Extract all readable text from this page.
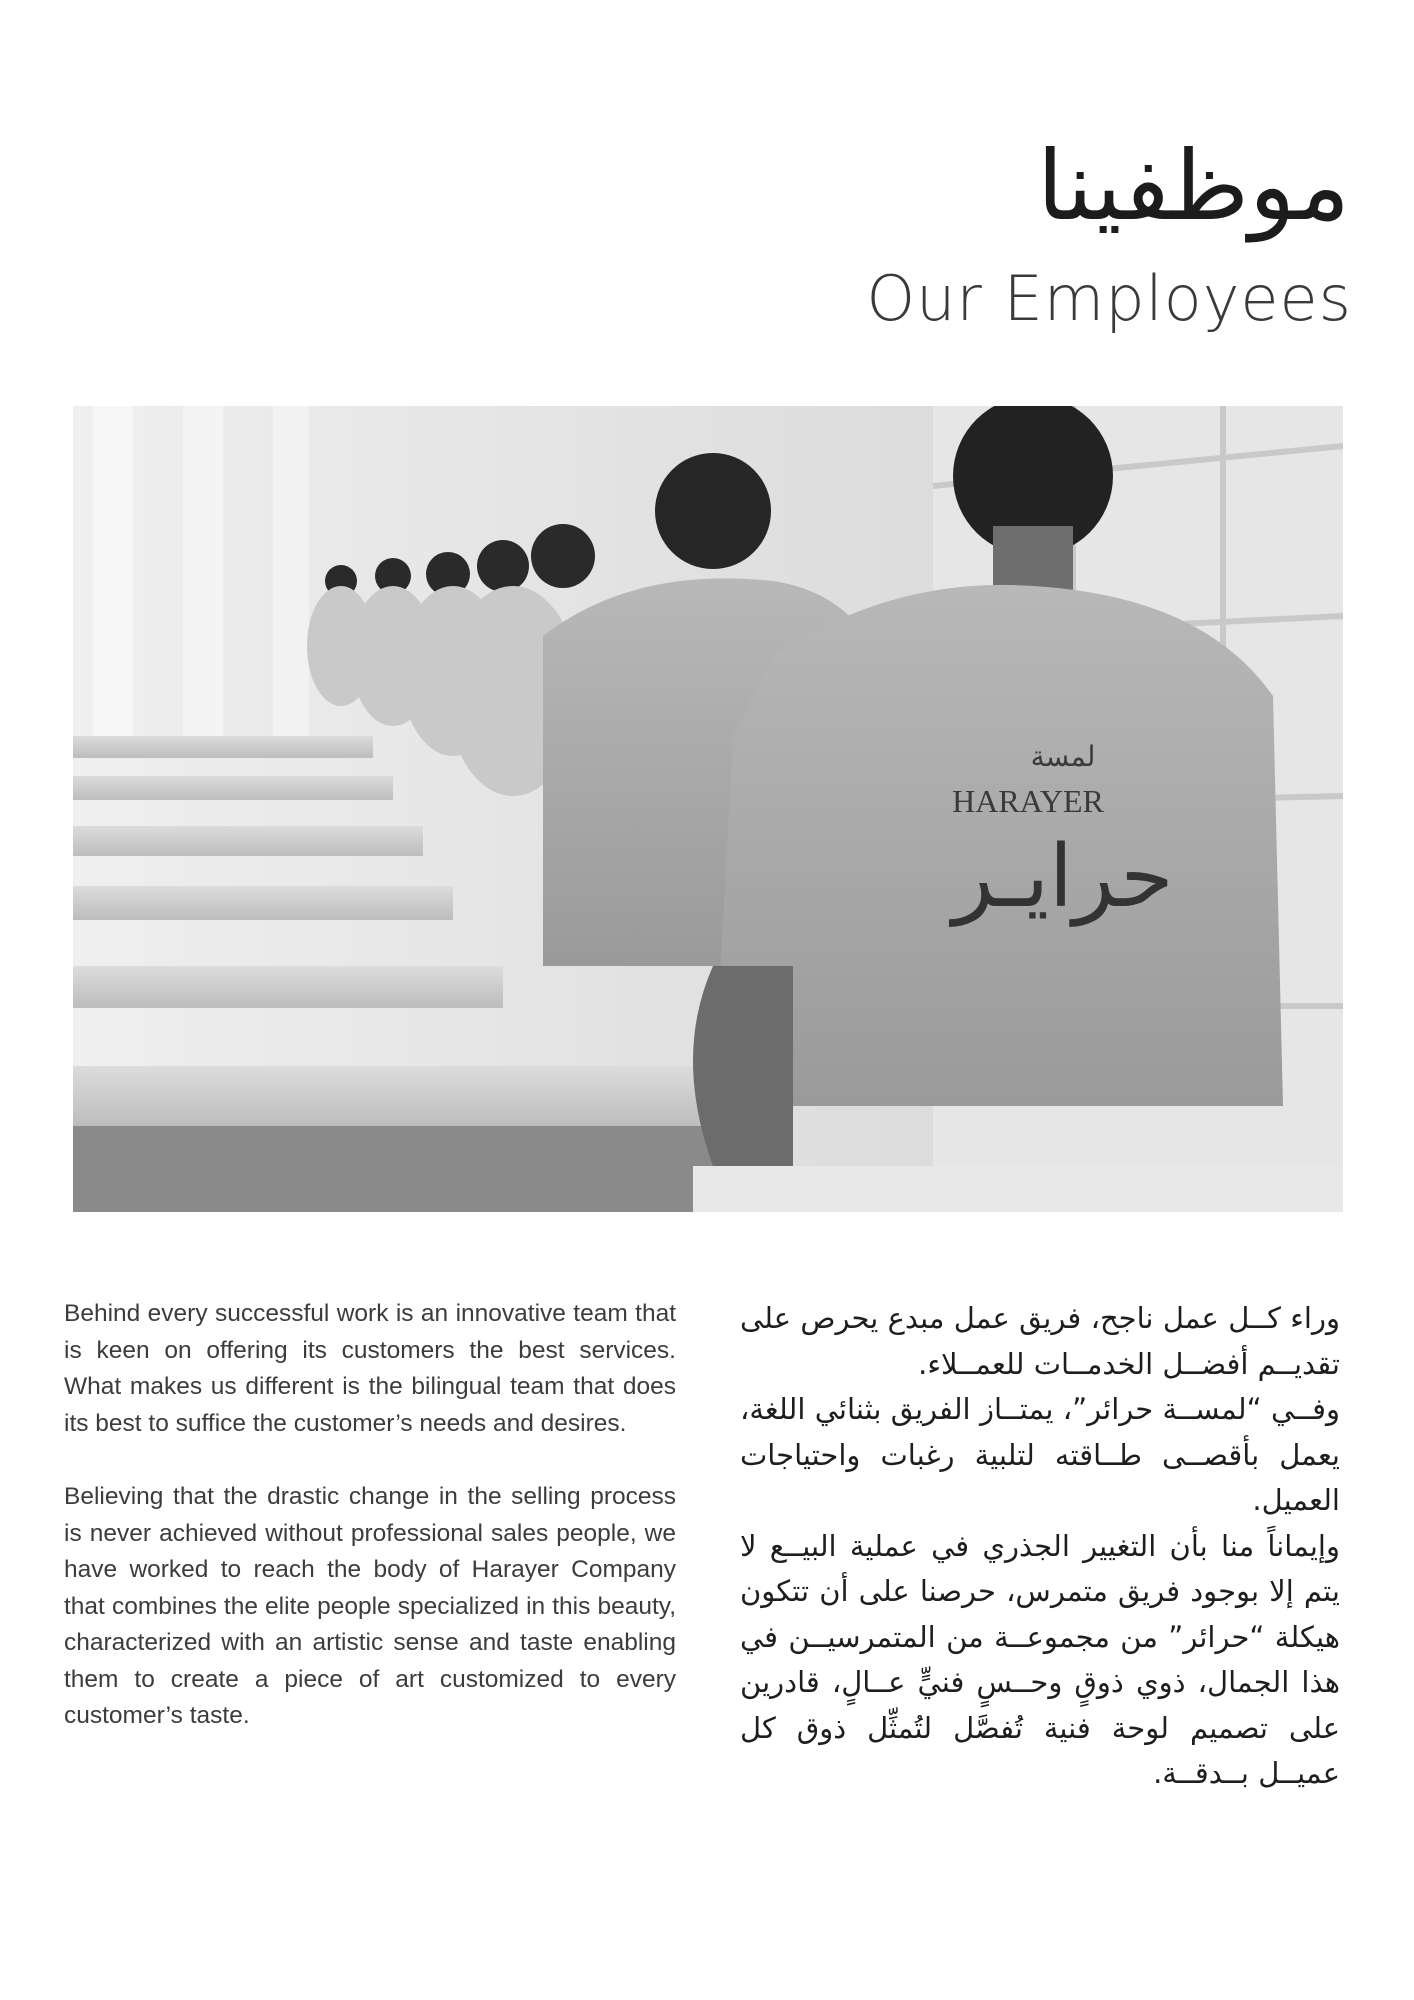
موظفينا
Our Employees
لمسة
HARAYER
حرايـر

Behind every successful work is an innovative team that is keen on offering its customers the best services. What makes us different is the bilingual team that does its best to suffice the customer’s needs and desires.

Believing that the drastic change in the selling process is never achieved without professional sales people, we have worked to reach the body of Harayer Company that combines the elite people specialized in this beauty, characterized with an artistic sense and taste enabling them to create a piece of art customized to every customer’s taste.

وراء كــل عمل ناجح، فريق عمل مبدع يحرص على تقديــم أفضــل الخدمــات للعمــلاء.

وفــي “لمســة حرائر”، يمتــاز الفريق بثنائي اللغة، يعمل بأقصــى طــاقته لتلبية رغبات واحتياجات العميل.

وإيماناً منا بأن التغيير الجذري في عملية البيــع لا يتم إلا بوجود فريق متمرس، حرصنا على أن تتكون هيكلة “حرائر” من مجموعــة من المتمرسيــن في هذا الجمال، ذوي ذوقٍ وحــسٍ فنيٍّ عــالٍ، قادرين على تصميم لوحة فنية تُفصَّل لتُمثِّل ذوق كل عميــل بــدقــة.
